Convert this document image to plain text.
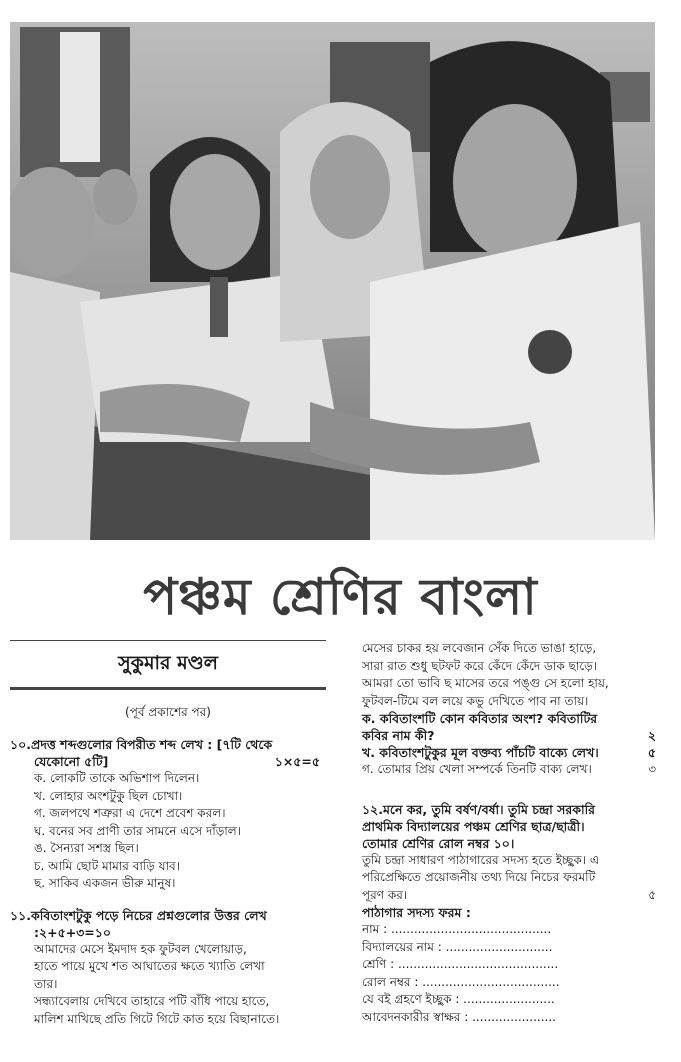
পঞ্চম শ্রেণির বাংলা
সুকুমার মণ্ডল
(পূর্ব প্রকাশের পর)

১০.প্রদত্ত শব্দগুলোর বিপরীত শব্দ লেখ : [৭টি থেকে

যেকোনো ৫টি]	১×৫=৫

ক. লোকটি তাকে অভিশাপ দিলেন।

খ. লোহার অংশটুকু ছিল চোখা।

গ. জলপথে শত্রুরা এ দেশে প্রবেশ করল।

ঘ. বনের সব প্রাণী তার সামনে এসে দাঁড়াল।

ঙ. সৈন্যরা সশস্ত্র ছিল।

চ. আমি ছোট মামার বাড়ি যাব।

ছ. সাকিব একজন ভীরু মানুষ।

১১.কবিতাংশটুকু পড়ে নিচের প্রশ্নগুলোর উত্তর লেখ

:২+৫+৩=১০

আমাদের মেসে ইমদাদ হক ফুটবল খেলোয়াড়,

হাতে পায়ে মুখে শত আঘাতের ক্ষতে খ্যাতি লেখা

তার।

সন্ধ্যাবেলায় দেখিবে তাহারে পটি বাঁধি পায়ে হাতে,

মালিশ মাখিছে প্রতি গিটে গিটে কাত হয়ে বিছানাতে।

মেসের চাকর হয় লবেজান সেঁক দিতে ভাঙা হাড়ে,

সারা রাত শুধু ছটফট করে কেঁদে কেঁদে ডাক ছাড়ে।

আমরা তো ভাবি ছ মাসের তরে পঙ্গু সে হলো হায়,

ফুটবল-টিমে বল লয়ে কভু দেখিতে পাব না তায়।

ক. কবিতাংশটি কোন কবিতার অংশ? কবিতাটির

কবির নাম কী?	২
খ. কবিতাংশটুকুর মূল বক্তব্য পাঁচটি বাক্যে লেখ।	৫
গ. তোমার প্রিয় খেলা সম্পর্কে তিনটি বাক্য লেখ।	৩

১২.মনে কর, তুমি বর্ষণ/বর্ষা। তুমি চন্দ্রা সরকারি

প্রাথমিক বিদ্যালয়ের পঞ্চম শ্রেণির ছাত্র/ছাত্রী।

তোমার শ্রেণির রোল নম্বর ১০।

তুমি চন্দ্রা সাধারণ পাঠাগারের সদস্য হতে ইচ্ছুক। এ

পরিপ্রেক্ষিতে প্রয়োজনীয় তথ্য দিয়ে নিচের ফরমটি

পূরণ কর।	৫

পাঠাগার সদস্য ফরম :

নাম : ..........................................

বিদ্যালয়ের নাম : ............................

শ্রেণি : ..........................................

রোল নম্বর : ....................................

যে বই গ্রহণে ইচ্ছুক : ........................

আবেদনকারীর স্বাক্ষর : ......................
